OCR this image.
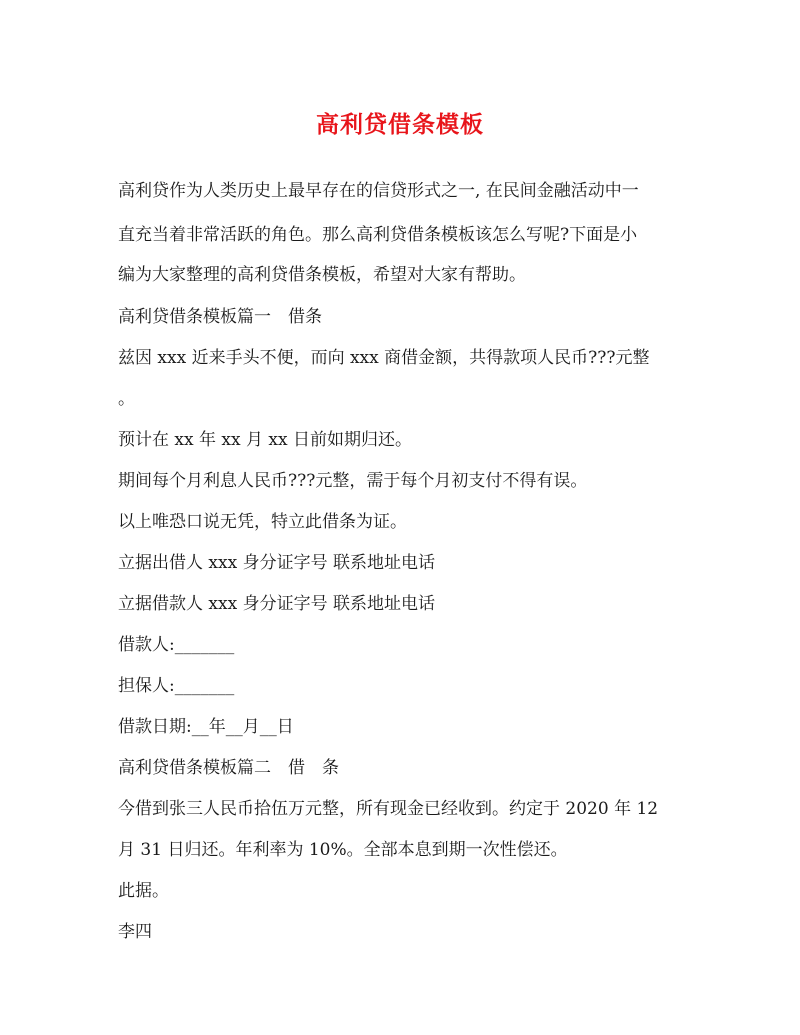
高利贷借条模板
高利贷作为人类历史上最早存在的信贷形式之一, 在民间金融活动中一
直充当着非常活跃的角色。那么高利贷借条模板该怎么写呢?下面是小
编为大家整理的高利贷借条模板，希望对大家有帮助。
高利贷借条模板篇一　借条
兹因 xxx 近来手头不便，而向 xxx 商借金额，共得款项人民币???元整
。
预计在 xx 年 xx 月 xx 日前如期归还。
期间每个月利息人民币???元整，需于每个月初支付不得有误。
以上唯恐口说无凭，特立此借条为证。
立据出借人 xxx 身分证字号 联系地址电话
立据借款人 xxx 身分证字号 联系地址电话
借款人:_______
担保人:_______
借款日期:__年__月__日
高利贷借条模板篇二　借　条
今借到张三人民币拾伍万元整，所有现金已经收到。约定于 2020 年 12
月 31 日归还。年利率为 10%。全部本息到期一次性偿还。
此据。
李四
